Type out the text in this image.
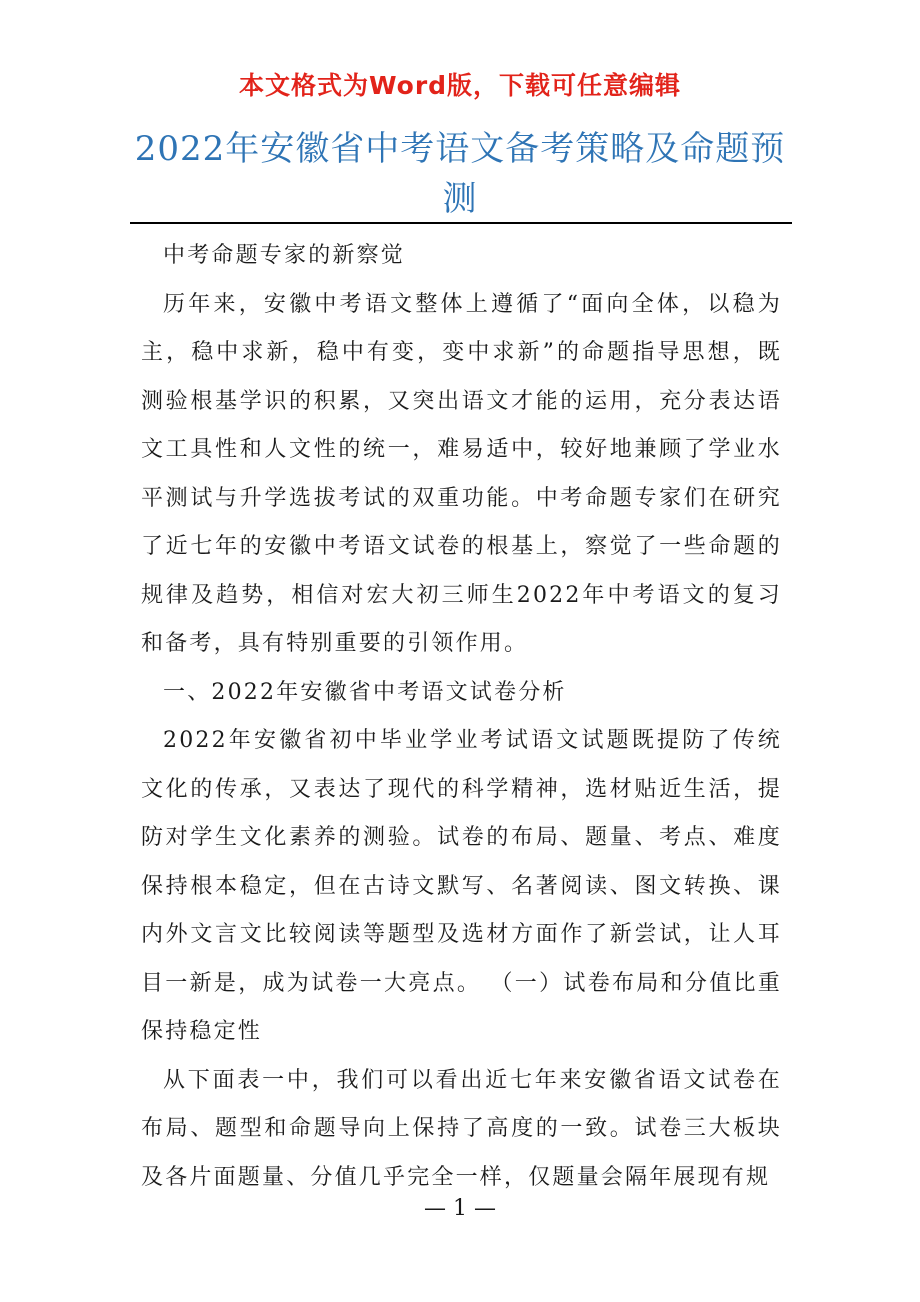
本文格式为Word版，下载可任意编辑
2022年安徽省中考语文备考策略及命题预测

中考命题专家的新察觉

历年来，安徽中考语文整体上遵循了“面向全体，以稳为主，稳中求新，稳中有变，变中求新”的命题指导思想，既测验根基学识的积累，又突出语文才能的运用，充分表达语文工具性和人文性的统一，难易适中，较好地兼顾了学业水平测试与升学选拔考试的双重功能。中考命题专家们在研究了近七年的安徽中考语文试卷的根基上，察觉了一些命题的规律及趋势，相信对宏大初三师生2022年中考语文的复习和备考，具有特别重要的引领作用。

一、2022年安徽省中考语文试卷分析

2022年安徽省初中毕业学业考试语文试题既提防了传统文化的传承，又表达了现代的科学精神，选材贴近生活，提防对学生文化素养的测验。试卷的布局、题量、考点、难度保持根本稳定，但在古诗文默写、名著阅读、图文转换、课内外文言文比较阅读等题型及选材方面作了新尝试，让人耳目一新是，成为试卷一大亮点。 （一）试卷布局和分值比重保持稳定性

从下面表一中，我们可以看出近七年来安徽省语文试卷在布局、题型和命题导向上保持了高度的一致。试卷三大板块及各片面题量、分值几乎完全一样，仅题量会隔年展现有规

— 1 —
